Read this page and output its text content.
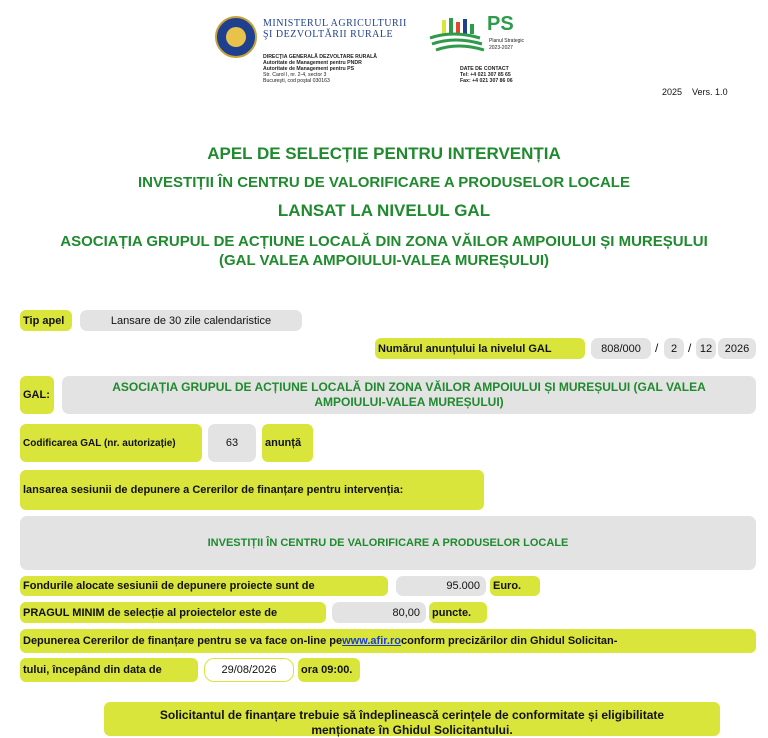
MINISTERUL AGRICULTURII
ŞI DEZVOLTĂRII RURALE
DIRECŢIA GENERALĂ DEZVOLTARE RURALĂ
Autoritate de Management pentru PNDR
Autoritate de Management pentru PS
Str. Carol I, nr. 2-4, sector 3
Bucureşti, cod poştal 030163
PS
Planul Strategic
2023-2027
DATE DE CONTACT
Tel: +4 021 307 85 65
Fax: +4 021 307 86 06
2025 Vers. 1.0
APEL DE SELECȚIE PENTRU INTERVENȚIA
INVESTIȚII ÎN CENTRU DE VALORIFICARE A PRODUSELOR LOCALE
LANSAT LA NIVELUL GAL
ASOCIAȚIA GRUPUL DE ACȚIUNE LOCALĂ DIN ZONA VĂILOR AMPOIULUI ȘI MUREȘULUI
(GAL VALEA AMPOIULUI-VALEA MUREȘULUI)
Tip apel	Lansare de 30 zile calendaristice
Numărul anunțului la nivelul GAL	808/000	/	2 / 12	2026
GAL:
ASOCIAȚIA GRUPUL DE ACȚIUNE LOCALĂ DIN ZONA VĂILOR AMPOIULUI ȘI MUREȘULUI (GAL VALEA
AMPOIULUI-VALEA MUREȘULUI)
Codificarea GAL (nr. autorizație)	63	anunță
lansarea sesiunii de depunere a Cererilor de finanțare pentru intervenția:
INVESTIȚII ÎN CENTRU DE VALORIFICARE A PRODUSELOR LOCALE
Fondurile alocate sesiunii de depunere proiecte sunt de	95.000	Euro.
PRAGUL MINIM de selecție al proiectelor este de	80,00	puncte.
Depunerea Cererilor de finanțare pentru se va face on-line pe www.afir.ro conform precizărilor din Ghidul Solicitan-
tului, începând din data de	29/08/2026	ora 09:00.
Solicitantul de finanțare trebuie să îndeplinească cerințele de conformitate și eligibilitate
menționate în Ghidul Solicitantului.
